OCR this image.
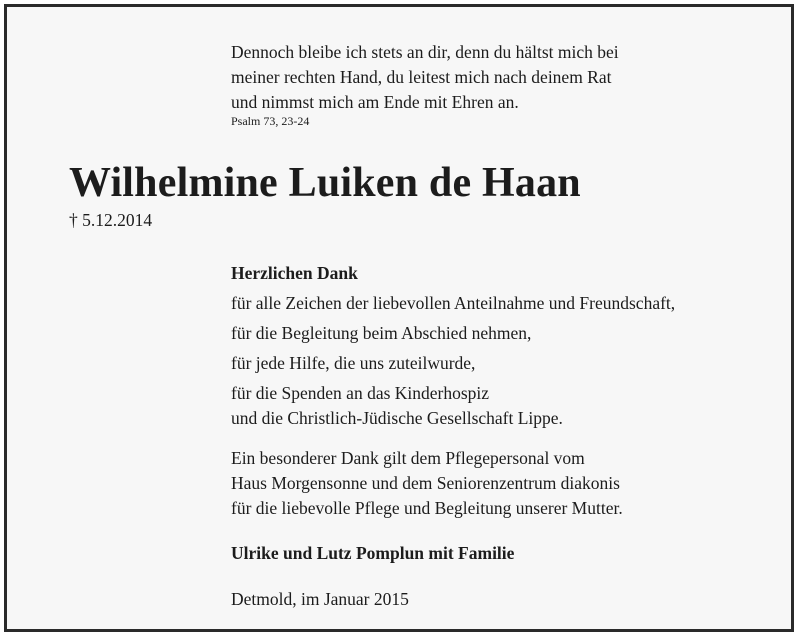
Dennoch bleibe ich stets an dir, denn du hältst mich bei
meiner rechten Hand, du leitest mich nach deinem Rat
und nimmst mich am Ende mit Ehren an.

Psalm 73, 23-24
Wilhelmine Luiken de Haan
† 5.12.2014
Herzlichen Dank
für alle Zeichen der liebevollen Anteilnahme und Freundschaft,
für die Begleitung beim Abschied nehmen,
für jede Hilfe, die uns zuteilwurde,
für die Spenden an das Kinderhospiz
und die Christlich-Jüdische Gesellschaft Lippe.

Ein besonderer Dank gilt dem Pflegepersonal vom
Haus Morgensonne und dem Seniorenzentrum diakonis
für die liebevolle Pflege und Begleitung unserer Mutter.

Ulrike und Lutz Pomplun mit Familie
Detmold, im Januar 2015
